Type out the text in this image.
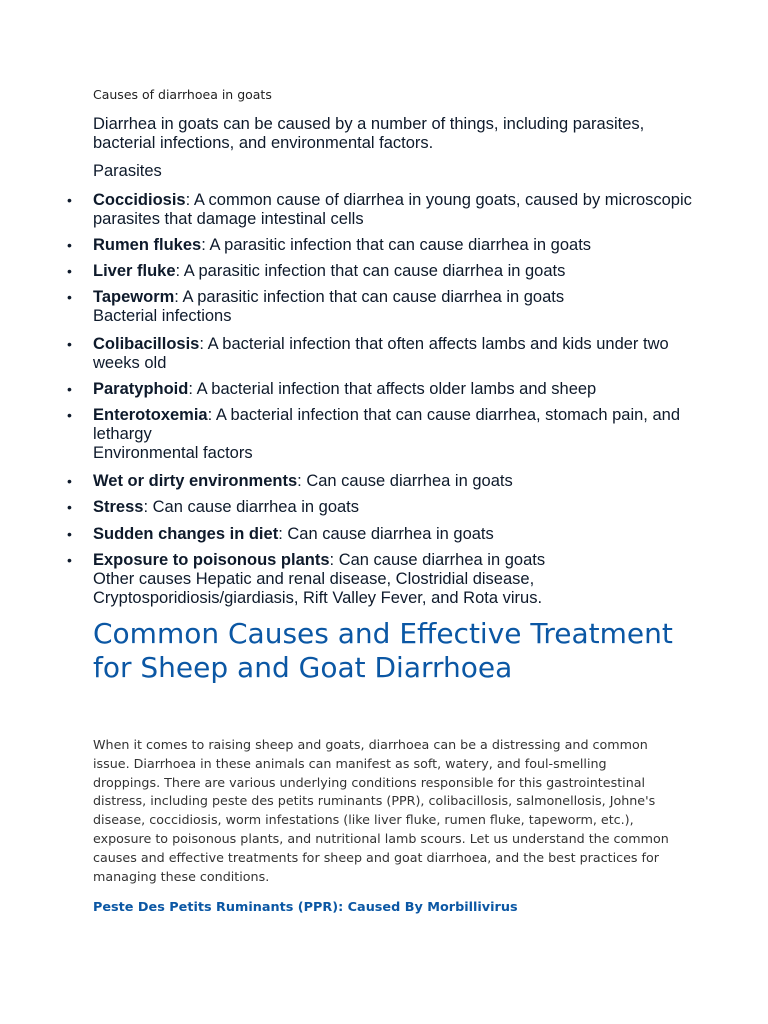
Causes of diarrhoea in goats
Diarrhea in goats can be caused by a number of things, including parasites, bacterial infections, and environmental factors.
Parasites
• Coccidiosis: A common cause of diarrhea in young goats, caused by microscopic parasites that damage intestinal cells
• Rumen flukes: A parasitic infection that can cause diarrhea in goats
• Liver fluke: A parasitic infection that can cause diarrhea in goats
• Tapeworm: A parasitic infection that can cause diarrhea in goats
Bacterial infections
• Colibacillosis: A bacterial infection that often affects lambs and kids under two weeks old
• Paratyphoid: A bacterial infection that affects older lambs and sheep
• Enterotoxemia: A bacterial infection that can cause diarrhea, stomach pain, and lethargy
Environmental factors
• Wet or dirty environments: Can cause diarrhea in goats
• Stress: Can cause diarrhea in goats
• Sudden changes in diet: Can cause diarrhea in goats
• Exposure to poisonous plants: Can cause diarrhea in goats
Other causes Hepatic and renal disease, Clostridial disease, Cryptosporidiosis/giardiasis, Rift Valley Fever, and Rota virus.
Common Causes and Effective Treatment for Sheep and Goat Diarrhoea

When it comes to raising sheep and goats, diarrhoea can be a distressing and common issue. Diarrhoea in these animals can manifest as soft, watery, and foul-smelling droppings. There are various underlying conditions responsible for this gastrointestinal distress, including peste des petits ruminants (PPR), colibacillosis, salmonellosis, Johne's disease, coccidiosis, worm infestations (like liver fluke, rumen fluke, tapeworm, etc.), exposure to poisonous plants, and nutritional lamb scours. Let us understand the common causes and effective treatments for sheep and goat diarrhoea, and the best practices for managing these conditions.

Peste Des Petits Ruminants (PPR): Caused By Morbillivirus
